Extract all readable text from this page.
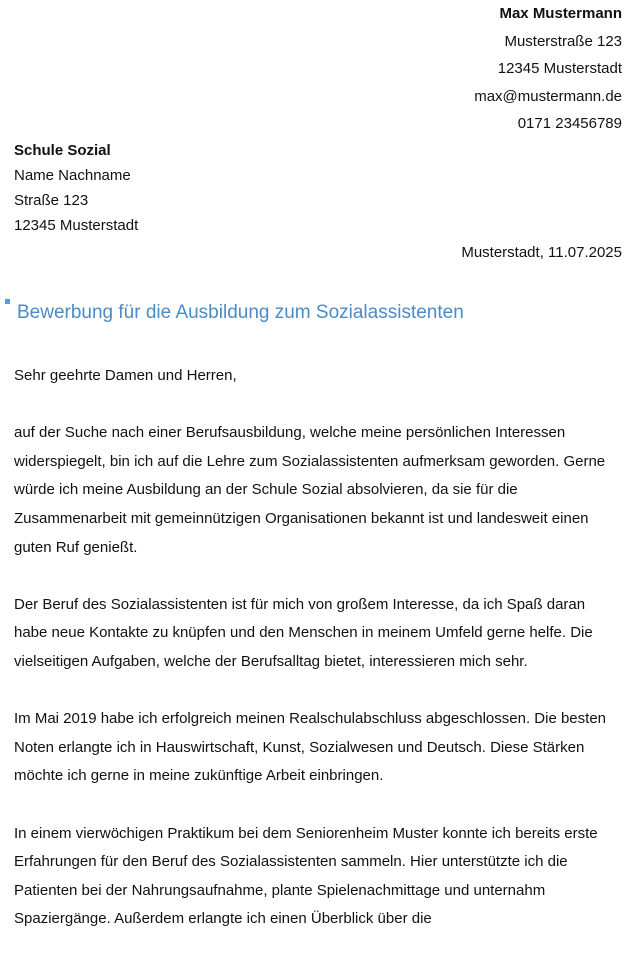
Max Mustermann
Musterstraße 123
12345 Musterstadt
max@mustermann.de
0171 23456789
Schule Sozial
Name Nachname
Straße 123
12345 Musterstadt
Musterstadt, 11.07.2025
Bewerbung für die Ausbildung zum Sozialassistenten

Sehr geehrte Damen und Herren,

auf der Suche nach einer Berufsausbildung, welche meine persönlichen Interessen widerspiegelt, bin ich auf die Lehre zum Sozialassistenten aufmerksam geworden. Gerne würde ich meine Ausbildung an der Schule Sozial absolvieren, da sie für die Zusammenarbeit mit gemeinnützigen Organisationen bekannt ist und landesweit einen guten Ruf genießt.

Der Beruf des Sozialassistenten ist für mich von großem Interesse, da ich Spaß daran habe neue Kontakte zu knüpfen und den Menschen in meinem Umfeld gerne helfe. Die vielseitigen Aufgaben, welche der Berufsalltag bietet, interessieren mich sehr.

Im Mai 2019 habe ich erfolgreich meinen Realschulabschluss abgeschlossen. Die besten Noten erlangte ich in Hauswirtschaft, Kunst, Sozialwesen und Deutsch. Diese Stärken möchte ich gerne in meine zukünftige Arbeit einbringen.

In einem vierwöchigen Praktikum bei dem Seniorenheim Muster konnte ich bereits erste Erfahrungen für den Beruf des Sozialassistenten sammeln. Hier unterstützte ich die Patienten bei der Nahrungsaufnahme, plante Spielenachmittage und unternahm Spaziergänge. Außerdem erlangte ich einen Überblick über die
